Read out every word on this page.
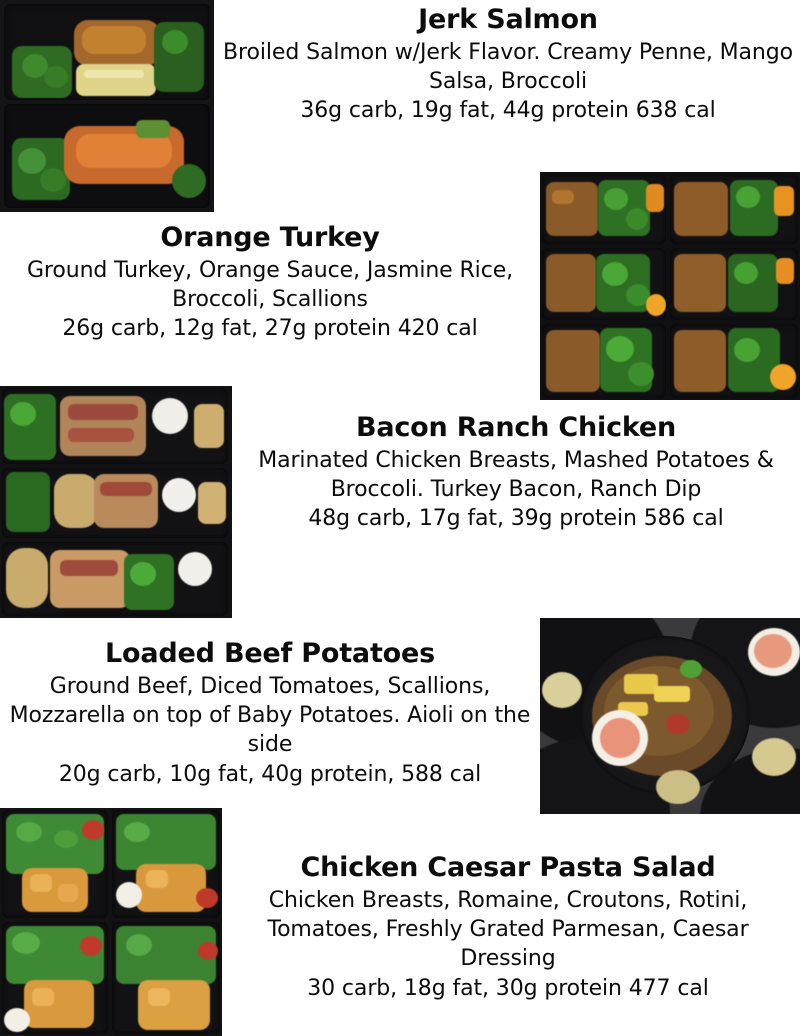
Jerk Salmon

Broiled Salmon w/Jerk Flavor. Creamy Penne, Mango Salsa, Broccoli

36g carb, 19g fat, 44g protein 638 cal

Orange Turkey

Ground Turkey, Orange Sauce, Jasmine Rice, Broccoli, Scallions

26g carb, 12g fat, 27g protein 420 cal

Bacon Ranch Chicken

Marinated Chicken Breasts, Mashed Potatoes & Broccoli. Turkey Bacon, Ranch Dip

48g carb, 17g fat, 39g protein 586 cal

Loaded Beef Potatoes

Ground Beef, Diced Tomatoes, Scallions, Mozzarella on top of Baby Potatoes. Aioli on the side

20g carb, 10g fat, 40g protein, 588 cal

Chicken Caesar Pasta Salad

Chicken Breasts, Romaine, Croutons, Rotini, Tomatoes, Freshly Grated Parmesan, Caesar Dressing

30 carb, 18g fat, 30g protein 477 cal
